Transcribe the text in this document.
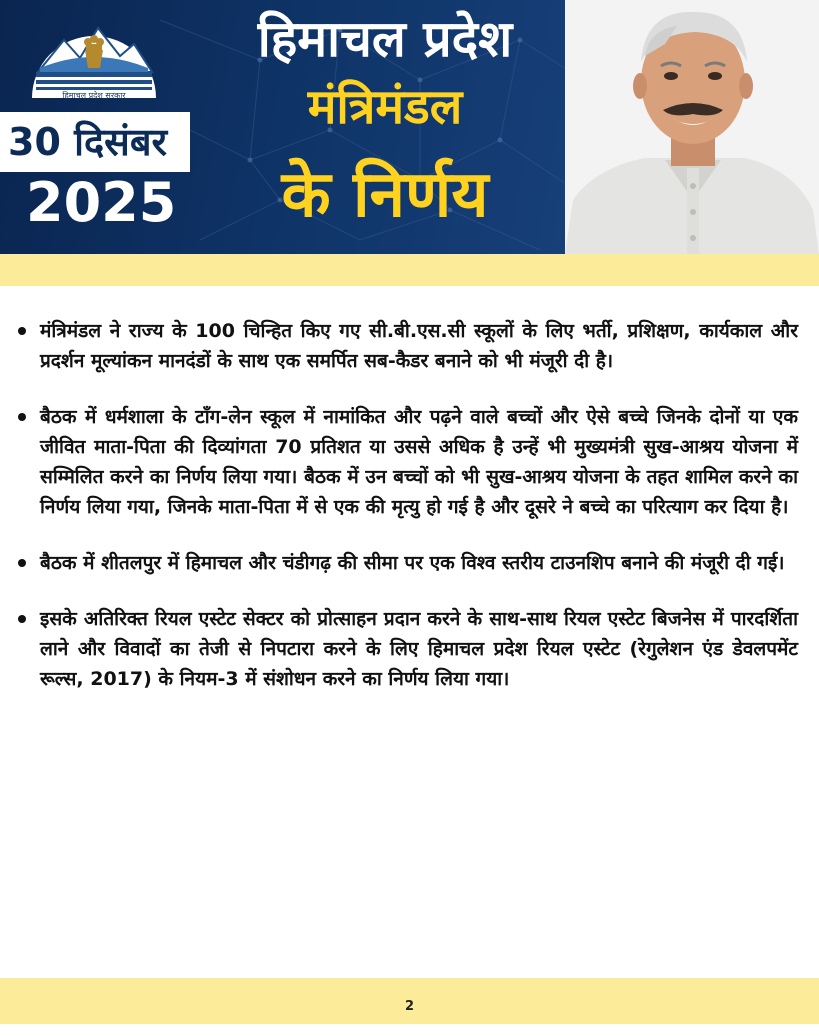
हिमाचल प्रदेश सरकार
30 दिसंबर
2025
हिमाचल प्रदेश
मंत्रिमंडल
के निर्णय
मंत्रिमंडल ने राज्य के 100 चिन्हित किए गए सी.बी.एस.सी स्कूलों के लिए भर्ती, प्रशिक्षण, कार्यकाल और प्रदर्शन मूल्यांकन मानदंडों के साथ एक समर्पित सब-कैडर बनाने को भी मंजूरी दी है।
बैठक में धर्मशाला के टॉंग-लेन स्कूल में नामांकित और पढ़ने वाले बच्चों और ऐसे बच्चे जिनके दोनों या एक जीवित माता-पिता की दिव्यांगता 70 प्रतिशत या उससे अधिक है उन्हें भी मुख्यमंत्री सुख-आश्रय योजना में सम्मिलित करने का निर्णय लिया गया। बैठक में उन बच्चों को भी सुख-आश्रय योजना के तहत शामिल करने का निर्णय लिया गया, जिनके माता-पिता में से एक की मृत्यु हो गई है और दूसरे ने बच्चे का परित्याग कर दिया है।
बैठक में शीतलपुर में हिमाचल और चंडीगढ़ की सीमा पर एक विश्व स्तरीय टाउनशिप बनाने की मंजूरी दी गई।
इसके अतिरिक्त रियल एस्टेट सेक्टर को प्रोत्साहन प्रदान करने के साथ-साथ रियल एस्टेट बिजनेस में पारदर्शिता लाने और विवादों का तेजी से निपटारा करने के लिए हिमाचल प्रदेश रियल एस्टेट (रेगुलेशन एंड डेवलपमेंट रूल्स, 2017) के नियम-3 में संशोधन करने का निर्णय लिया गया।
2
